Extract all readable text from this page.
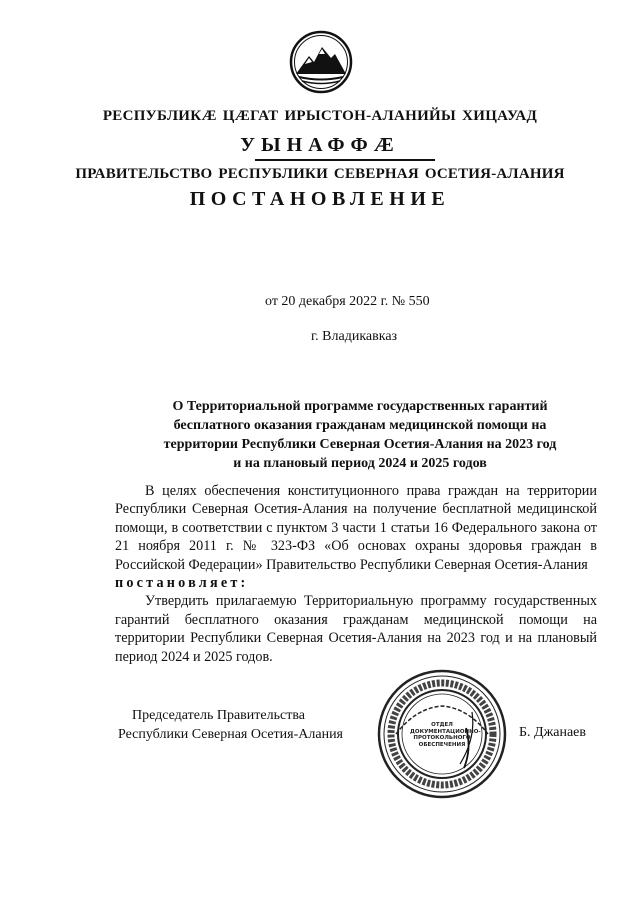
РЕСПУБЛИКӔ ЦӔГАТ ИРЫСТОН-АЛАНИЙЫ ХИЦАУАД
УЫНАФФӔ
ПРАВИТЕЛЬСТВО РЕСПУБЛИКИ СЕВЕРНАЯ ОСЕТИЯ-АЛАНИЯ
ПОСТАНОВЛЕНИЕ
от 20 декабря 2022 г. № 550
г. Владикавказ
О Территориальной программе государственных гарантий
бесплатного оказания гражданам медицинской помощи на
территории Республики Северная Осетия-Алания на 2023 год
и на плановый период 2024 и 2025 годов

В целях обеспечения конституционного права граждан на территории Республики Северная Осетия-Алания на получение бесплатной медицинской помощи, в соответствии с пунктом 3 части 1 статьи 16 Федерального закона от 21 ноября 2011 г. № 323-ФЗ «Об основах охраны здоровья граждан в Российской Федерации» Правительство Республики Северная Осетия-Алания

постановляет:

Утвердить прилагаемую Территориальную программу государственных гарантий бесплатного оказания гражданам медицинской помощи на территории Республики Северная Осетия-Алания на 2023 год и на плановый период 2024 и 2025 годов.

Председатель Правительства
Республики Северная Осетия-Алания
ОТДЕЛ
ДОКУМЕНТАЦИОННО-
ПРОТОКОЛЬНОГО
ОБЕСПЕЧЕНИЯ
Б. Джанаев
